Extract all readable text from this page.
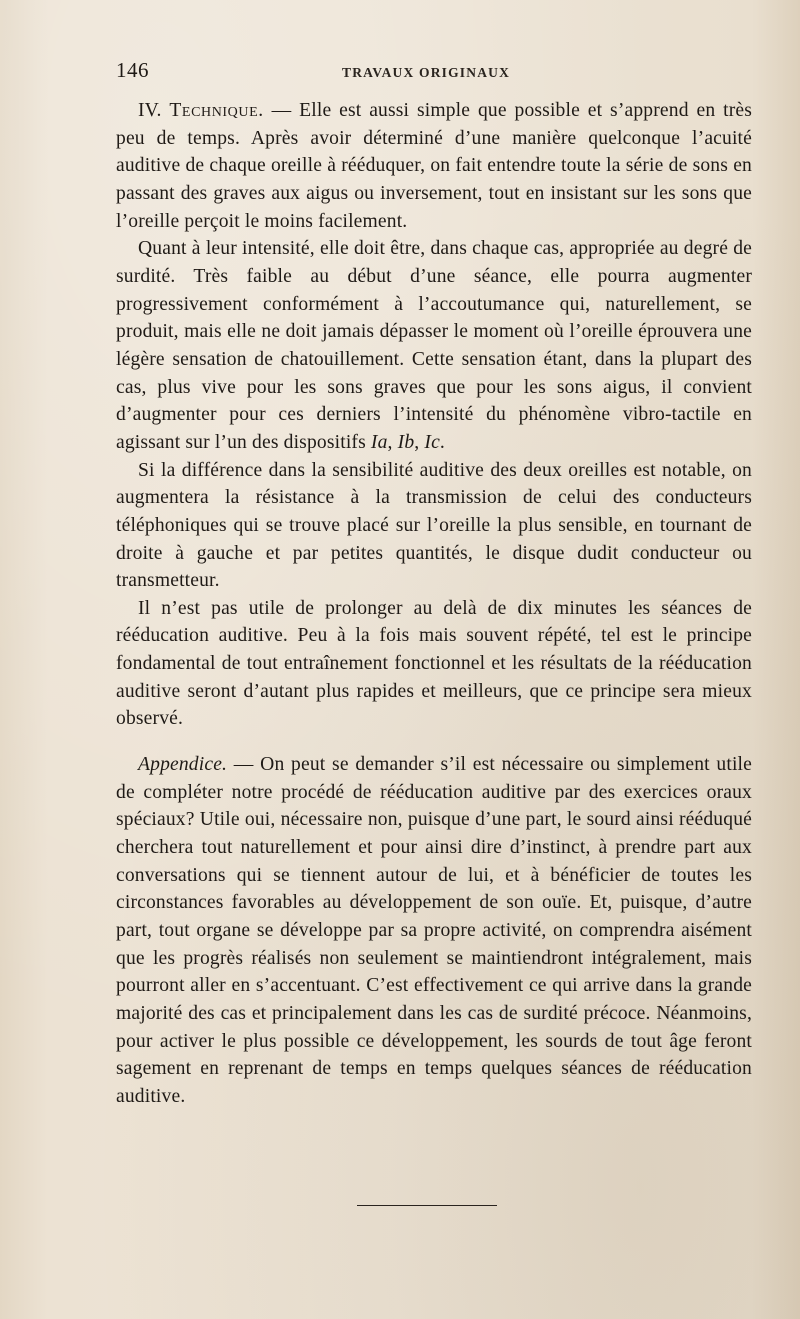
146	TRAVAUX ORIGINAUX

IV. Technique. — Elle est aussi simple que possible et s’apprend en très peu de temps. Après avoir déterminé d’une manière quelconque l’acuité auditive de chaque oreille à rééduquer, on fait entendre toute la série de sons en passant des graves aux aigus ou inversement, tout en insistant sur les sons que l’oreille perçoit le moins facilement.

Quant à leur intensité, elle doit être, dans chaque cas, appropriée au degré de surdité. Très faible au début d’une séance, elle pourra augmenter progressivement conformément à l’accoutumance qui, naturellement, se produit, mais elle ne doit jamais dépasser le moment où l’oreille éprouvera une légère sensation de chatouillement. Cette sensation étant, dans la plupart des cas, plus vive pour les sons graves que pour les sons aigus, il convient d’augmenter pour ces derniers l’intensité du phénomène vibro-tactile en agissant sur l’un des dispositifs Ia, Ib, Ic.

Si la différence dans la sensibilité auditive des deux oreilles est notable, on augmentera la résistance à la transmission de celui des conducteurs téléphoniques qui se trouve placé sur l’oreille la plus sensible, en tournant de droite à gauche et par petites quantités, le disque dudit conducteur ou transmetteur.

Il n’est pas utile de prolonger au delà de dix minutes les séances de rééducation auditive. Peu à la fois mais souvent répété, tel est le principe fondamental de tout entraînement fonctionnel et les résultats de la rééducation auditive seront d’autant plus rapides et meilleurs, que ce principe sera mieux observé.

Appendice. — On peut se demander s’il est nécessaire ou simplement utile de compléter notre procédé de rééducation auditive par des exercices oraux spéciaux? Utile oui, nécessaire non, puisque d’une part, le sourd ainsi rééduqué cherchera tout naturellement et pour ainsi dire d’instinct, à prendre part aux conversations qui se tiennent autour de lui, et à bénéficier de toutes les circonstances favorables au développement de son ouïe. Et, puisque, d’autre part, tout organe se développe par sa propre activité, on comprendra aisément que les progrès réalisés non seulement se maintiendront intégralement, mais pourront aller en s’accentuant. C’est effectivement ce qui arrive dans la grande majorité des cas et principalement dans les cas de surdité précoce. Néanmoins, pour activer le plus possible ce développement, les sourds de tout âge feront sagement en reprenant de temps en temps quelques séances de rééducation auditive.
